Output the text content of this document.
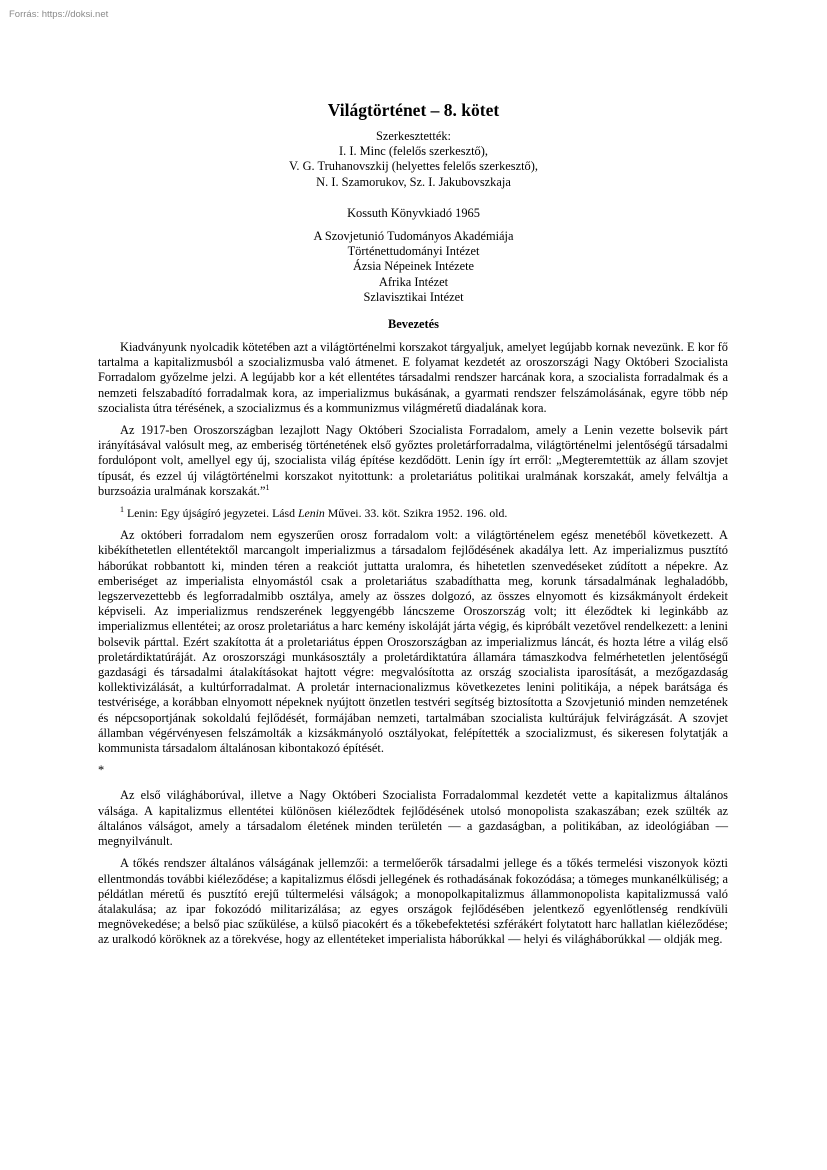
Forrás: https://doksi.net
Világtörténet – 8. kötet
Szerkesztették:
I. I. Minc (felelős szerkesztő),
V. G. Truhanovszkij (helyettes felelős szerkesztő),
N. I. Szamorukov, Sz. I. Jakubovszkaja
Kossuth Könyvkiadó 1965
A Szovjetunió Tudományos Akadémiája
Történettudományi Intézet
Ázsia Népeinek Intézete
Afrika Intézet
Szlavisztikai Intézet
Bevezetés

Kiadványunk nyolcadik kötetében azt a világtörténelmi korszakot tárgyaljuk, amelyet legújabb kornak nevezünk. E kor fő tartalma a kapitalizmusból a szocializmusba való átmenet. E folyamat kezdetét az oroszországi Nagy Októberi Szocialista Forradalom győzelme jelzi. A legújabb kor a két ellentétes társadalmi rendszer harcának kora, a szocialista forradalmak és a nemzeti felszabadító forradalmak kora, az imperializmus bukásának, a gyarmati rendszer felszámolásának, egyre több nép szocialista útra térésének, a szocializmus és a kommunizmus világméretű diadalának kora.

Az 1917-ben Oroszországban lezajlott Nagy Októberi Szocialista Forradalom, amely a Lenin vezette bolsevik párt irányításával valósult meg, az emberiség történetének első győztes proletárforradalma, világtörténelmi jelentőségű társadalmi fordulópont volt, amellyel egy új, szocialista világ építése kezdődött. Lenin így írt erről: „Megteremtettük az állam szovjet típusát, és ezzel új világtörténelmi korszakot nyitottunk: a proletariátus politikai uralmának korszakát, amely felváltja a burzsoázia uralmának korszakát.”$^1$

$^1$ Lenin: Egy újságíró jegyzetei. Lásd Lenin Művei. 33. köt. Szikra 1952. 196. old.

Az októberi forradalom nem egyszerűen orosz forradalom volt: a világtörténelem egész menetéből következett. A kibékíthetetlen ellentétektől marcangolt imperializmus a társadalom fejlődésének akadálya lett. Az imperializmus pusztító háborúkat robbantott ki, minden téren a reakciót juttatta uralomra, és hihetetlen szenvedéseket zúdított a népekre. Az emberiséget az imperialista elnyomástól csak a proletariátus szabadíthatta meg, korunk társadalmának leghaladóbb, legszervezettebb és legforradalmibb osztálya, amely az összes dolgozó, az összes elnyomott és kizsákmányolt érdekeit képviseli. Az imperializmus rendszerének leggyengébb láncszeme Oroszország volt; itt éleződtek ki leginkább az imperializmus ellentétei; az orosz proletariátus a harc kemény iskoláját járta végig, és kipróbált vezetővel rendelkezett: a lenini bolsevik párttal. Ezért szakította át a proletariátus éppen Oroszországban az imperializmus láncát, és hozta létre a világ első proletárdiktatúráját. Az oroszországi munkásosztály a proletárdiktatúra államára támaszkodva felmérhetetlen jelentőségű gazdasági és társadalmi átalakításokat hajtott végre: megvalósította az ország szocialista iparosítását, a mezőgazdaság kollektivizálását, a kultúrforradalmat. A proletár internacionalizmus következetes lenini politikája, a népek barátsága és testvérisége, a korábban elnyomott népeknek nyújtott önzetlen testvéri segítség biztosította a Szovjetunió minden nemzetének és népcsoportjának sokoldalú fejlődését, formájában nemzeti, tartalmában szocialista kultúrájuk felvirágzását. A szovjet államban végérvényesen felszámolták a kizsákmányoló osztályokat, felépítették a szocializmust, és sikeresen folytatják a kommunista társadalom általánosan kibontakozó építését.

*

Az első világháborúval, illetve a Nagy Októberi Szocialista Forradalommal kezdetét vette a kapitalizmus általános válsága. A kapitalizmus ellentétei különösen kiéleződtek fejlődésének utolsó monopolista szakaszában; ezek szülték az általános válságot, amely a társadalom életének minden területén — a gazdaságban, a politikában, az ideológiában — megnyilvánult.

A tőkés rendszer általános válságának jellemzői: a termelőerők társadalmi jellege és a tőkés termelési viszonyok közti ellentmondás további kiéleződése; a kapitalizmus élősdi jellegének és rothadásának fokozódása; a tömeges munkanélküliség; a példátlan méretű és pusztító erejű túltermelési válságok; a monopolkapitalizmus állammonopolista kapitalizmussá való átalakulása; az ipar fokozódó militarizálása; az egyes országok fejlődésében jelentkező egyenlőtlenség rendkívüli megnövekedése; a belső piac szűkülése, a külső piacokért és a tőkebefektetési szférákért folytatott harc hallatlan kiéleződése; az uralkodó köröknek az a törekvése, hogy az ellentéteket imperialista háborúkkal — helyi és világháborúkkal — oldják meg.
